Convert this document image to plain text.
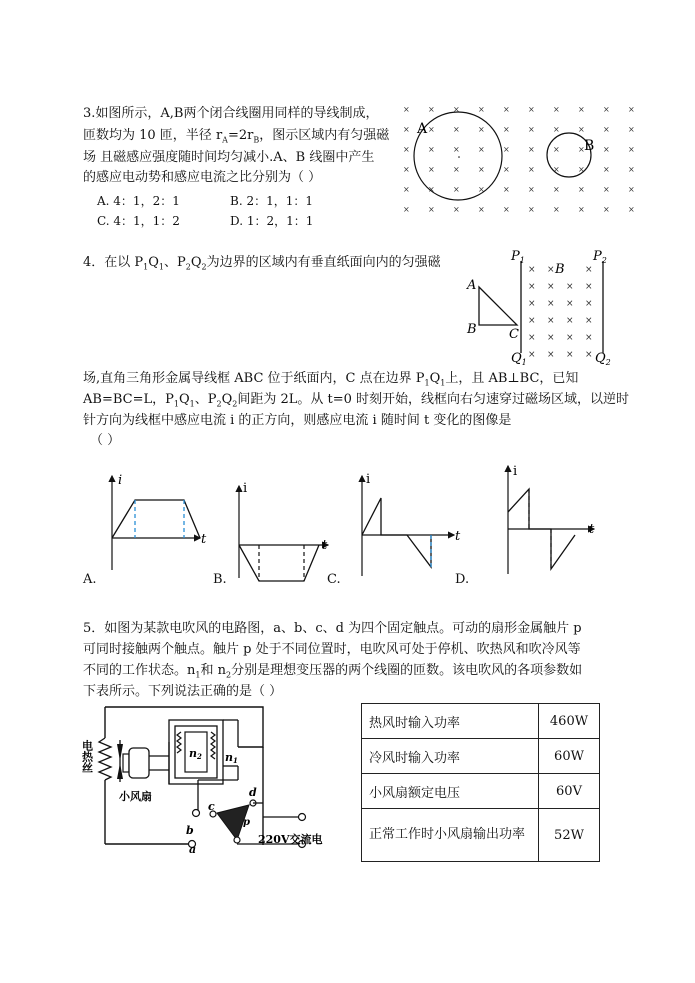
3.如图所示，A,B两个闭合线圈用同样的导线制成，
匝数均为 10 匝，半径 $r_A=2r_B$，图示区域内有匀强磁
场 且磁感应强度随时间均匀减小.A、B 线圈中产生
的感应电动势和感应电流之比分别为（ ）
A. 4：1，2：1	B. 2：1，1：1
C. 4：1，1：2	D. 1：2，1：1
× × × × × × × × × ×
× × × × × × × × × ×
× × × × × × × × × ×
× × × × × × × × × ×
× × × × × × × × × ×
× × × × × × × × × ×
A
B
4．在以 $P_1Q_1$、$P_2Q_2$为边界的区域内有垂直纸面向内的匀强磁	× ×	×
× × × ×
× × × ×
× × × ×
× × × ×
× × × ×
$P_1$	$P_2$
$Q_1$	$Q_2$
A
B C
B
场,直角三角形金属导线框 ABC 位于纸面内，C 点在边界 $P_1Q_1$上，且 AB⊥BC，已知
AB=BC=L，$P_1Q_1$、$P_2Q_2$间距为 2L。从 t=0 时刻开始，线框向右匀速穿过磁场区域，以逆时
针方向为线框中感应电流 i 的正方向，则感应电流 i 随时间 t 变化的图像是
（ ）
i
t
A.
i
t
B.
i
t
C.
i
t
D.
5．如图为某款电吹风的电路图，a、b、c、d 为四个固定触点。可动的扇形金属触片 p
可同时接触两个触点。触片 p 处于不同位置时，电吹风可处于停机、吹热风和吹冷风等
不同的工作状态。$n_1$和 $n_2$分别是理想变压器的两个线圈的匝数。该电吹风的各项参数如
下表所示。下列说法正确的是（ ）
电热丝
小风扇
n2 n1
a
b
c
d
p
220V交流电
热风时输入功率	460W
冷风时输入功率	60W
小风扇额定电压	60V
正常工作时小风扇输出功率	52W
